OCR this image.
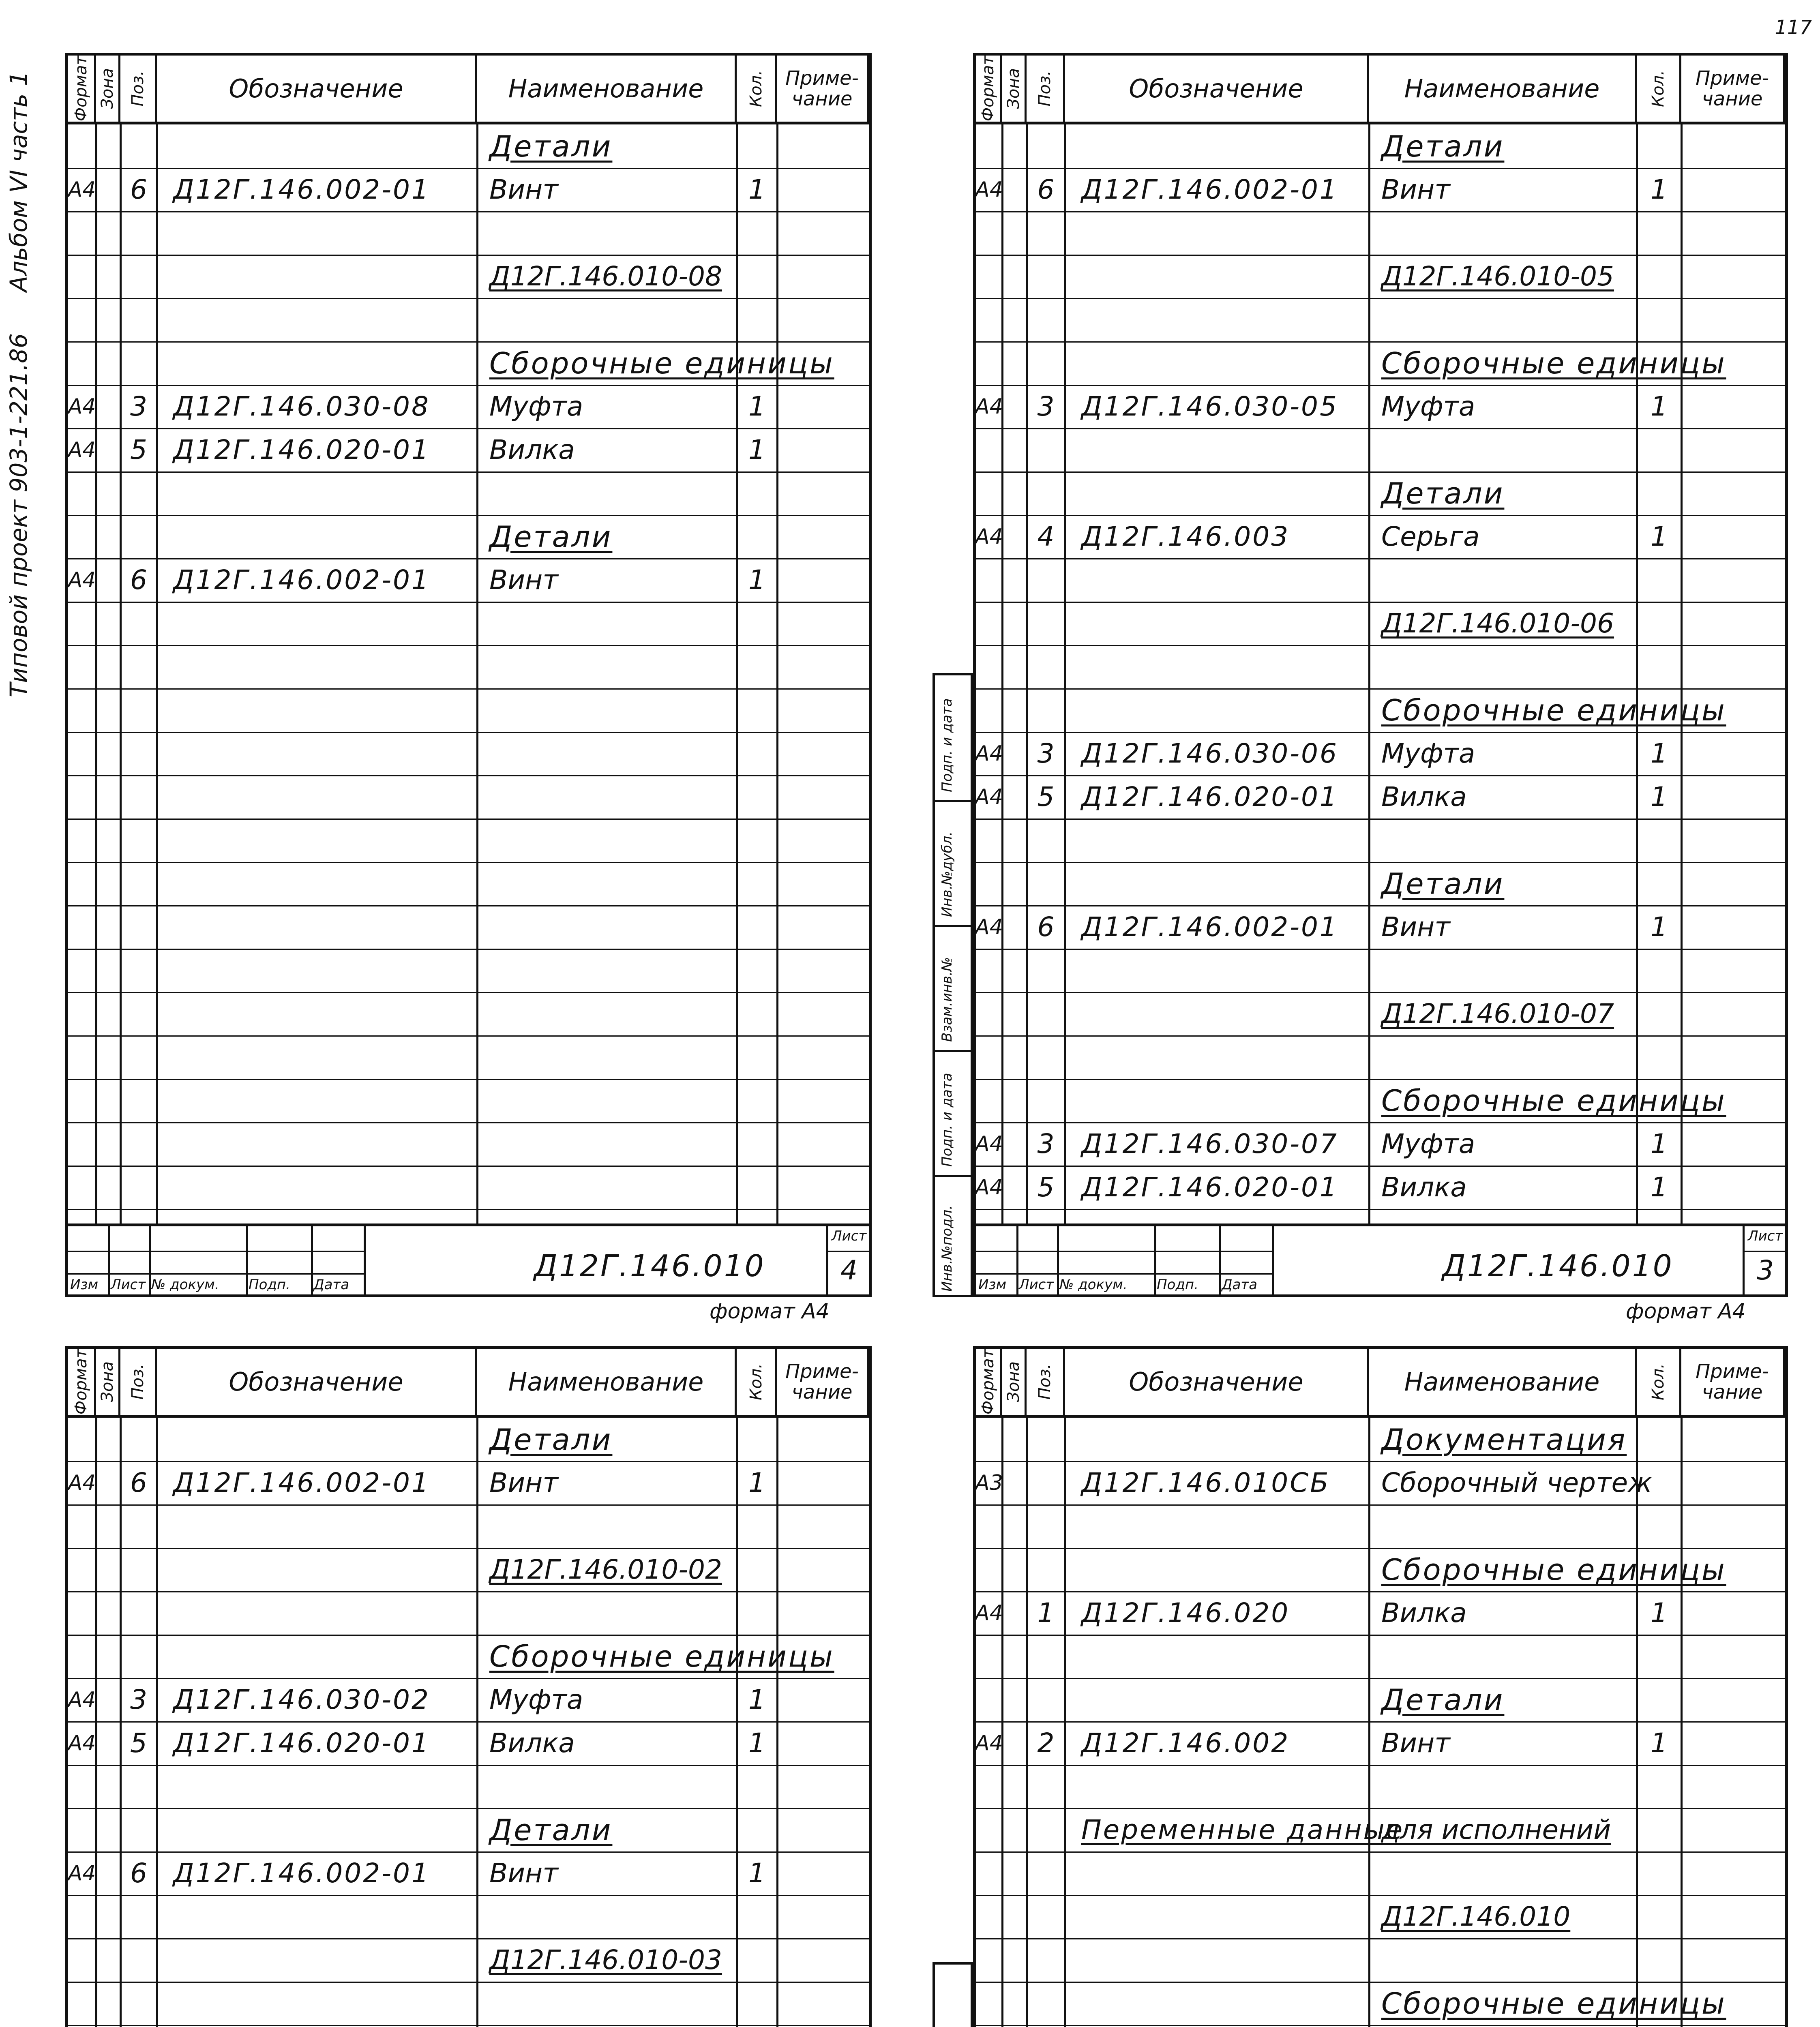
117
Альбом VI часть 1
Типовой проект 903-1-221.86
Формат Зона Поз.	Обозначение	Наименование	Кол. Приме- чание
Детали
А4 6 Д12Г.146.002-01 Винт	1
Д12Г.146.010-08
Сборочные единицы
А4 3 Д12Г.146.030-08 Муфта	1
А4 5 Д12Г.146.020-01 Вилка	1
Детали
А4 6 Д12Г.146.002-01 Винт	1
Изм Лист № докум. Подп. Дата
Д12Г.146.010
Лист
4
формат А4
Формат Зона Поз.	Обозначение	Наименование	Кол.	Приме- чание
Детали
А4 6 Д12Г.146.002-01 Винт	1
Д12Г.146.010-05
Сборочные единицы
А4 3 Д12Г.146.030-05 Муфта	1
Детали
А4 4 Д12Г.146.003	Серьга	1
Д12Г.146.010-06
Сборочные единицы
А4 3 Д12Г.146.030-06 Муфта	1
А4 5 Д12Г.146.020-01 Вилка	1
Детали
А4 6 Д12Г.146.002-01 Винт	1
Д12Г.146.010-07
Сборочные единицы
А4 3 Д12Г.146.030-07 Муфта	1
А4 5 Д12Г.146.020-01 Вилка	1
Изм Лист № докум. Подп. Дата
Д12Г.146.010
Лист
3
формат А4
Подп. и дата
Инв.№дубл.
Взам.инв.№
Подп. и дата
Инв.№подл.
Формат Зона Поз.	Обозначение	Наименование	Кол. Приме- чание
Детали
А4 6 Д12Г.146.002-01 Винт	1
Д12Г.146.010-02
Сборочные единицы
А4 3 Д12Г.146.030-02 Муфта	1
А4 5 Д12Г.146.020-01 Вилка	1
Детали
А4 6 Д12Г.146.002-01 Винт	1
Д12Г.146.010-03
Формат Зона Поз.	Обозначение	Наименование	Кол.	Приме- чание
Документация
А3	Д12Г.146.010СБ Сборочный чертеж
Сборочные единицы
А4 1 Д12Г.146.020	Вилка	1
Детали
А4 2 Д12Г.146.002	Винт	1
Переменные данные
для исполнений
Д12Г.146.010
Сборочные единицы
